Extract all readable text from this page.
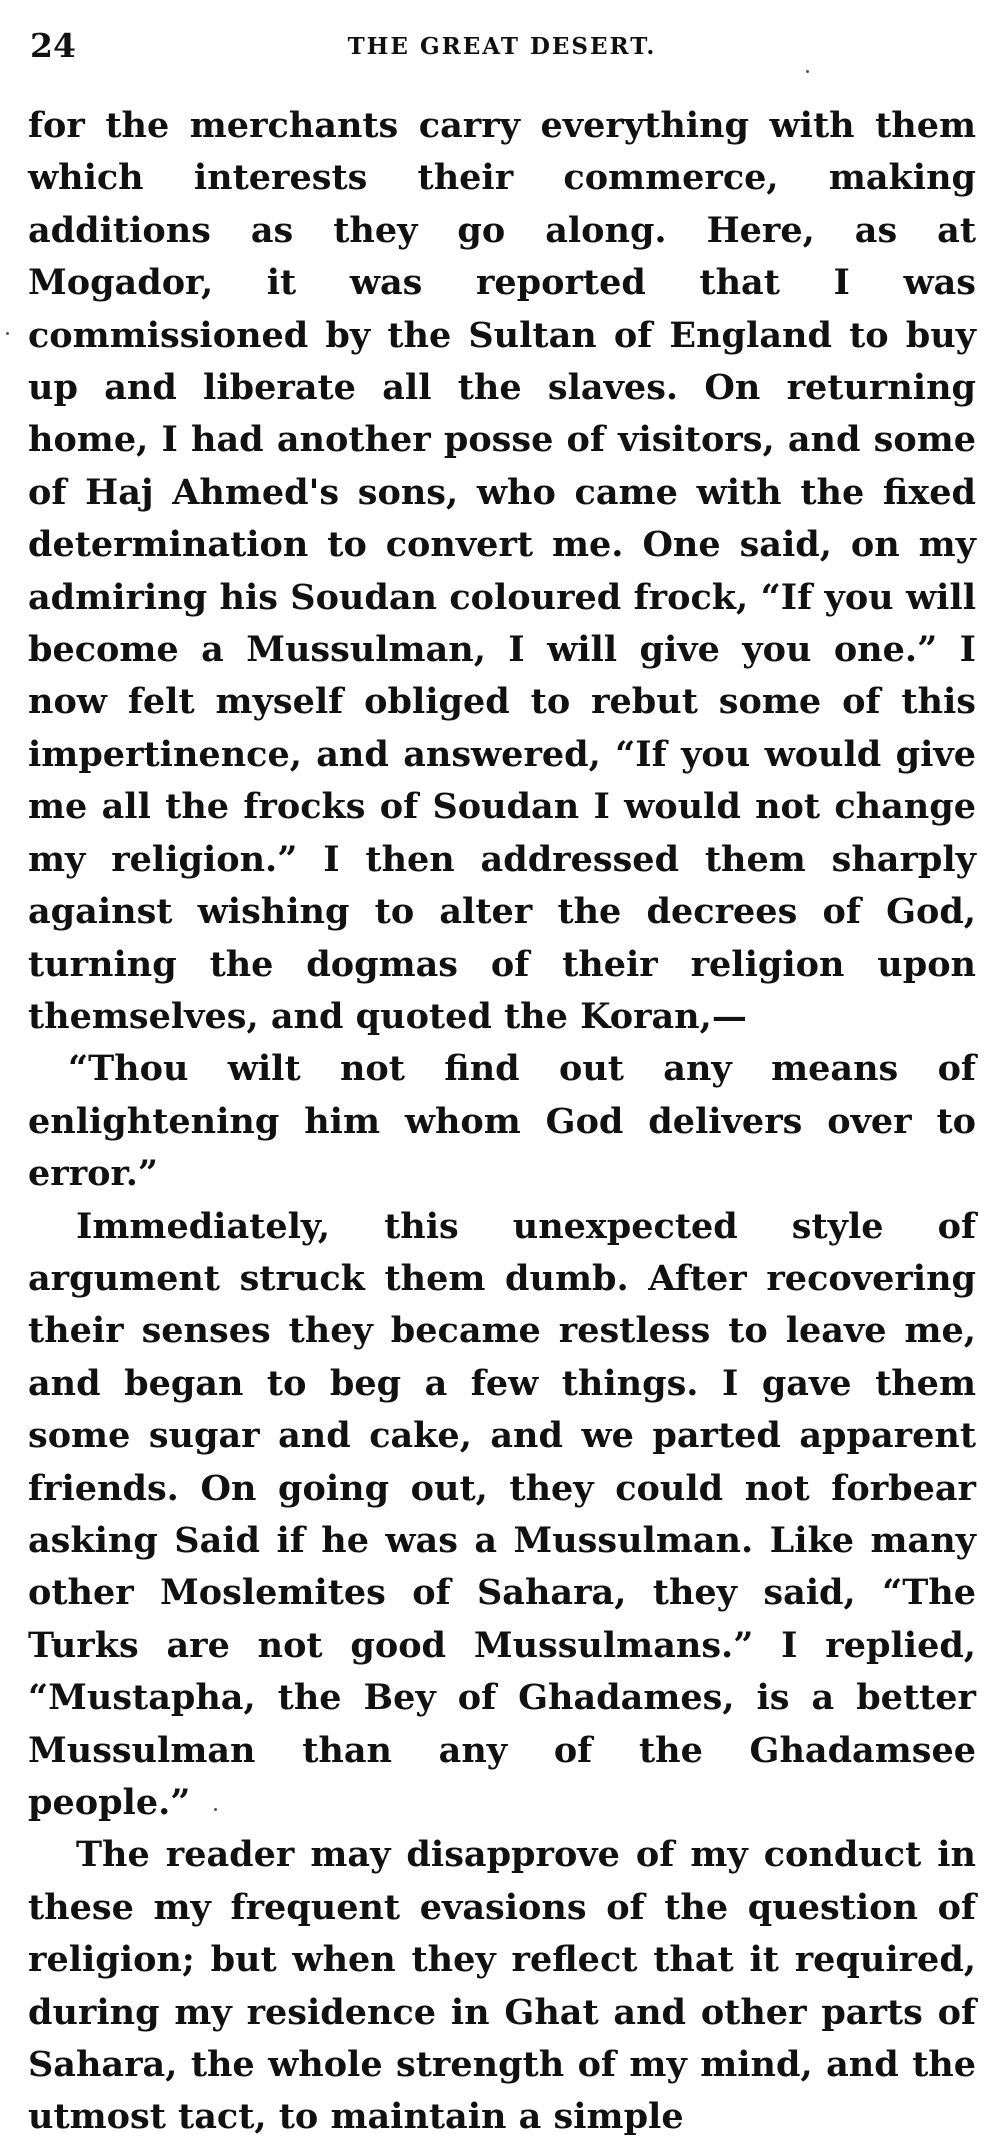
24	THE GREAT DESERT.

for the merchants carry everything with them which interests their commerce, making additions as they go along. Here, as at Mogador, it was reported that I was commissioned by the Sultan of England to buy up and liberate all the slaves. On returning home, I had another posse of visitors, and some of Haj Ahmed's sons, who came with the fixed determination to convert me. One said, on my admiring his Soudan coloured frock, “If you will become a Mussulman, I will give you one.” I now felt myself obliged to rebut some of this impertinence, and answered, “If you would give me all the frocks of Soudan I would not change my religion.” I then addressed them sharply against wishing to alter the decrees of God, turning the dogmas of their religion upon themselves, and quoted the Koran,—

“Thou wilt not find out any means of enlightening him whom God delivers over to error.”

Immediately, this unexpected style of argument struck them dumb. After recovering their senses they became restless to leave me, and began to beg a few things. I gave them some sugar and cake, and we parted apparent friends. On going out, they could not forbear asking Said if he was a Mussulman. Like many other Moslemites of Sahara, they said, “The Turks are not good Mussulmans.” I replied, “Mustapha, the Bey of Ghadames, is a better Mussulman than any of the Ghadamsee people.”

The reader may disapprove of my conduct in these my frequent evasions of the question of religion; but when they reflect that it required, during my residence in Ghat and other parts of Sahara, the whole strength of my mind, and the utmost tact, to maintain a simple
